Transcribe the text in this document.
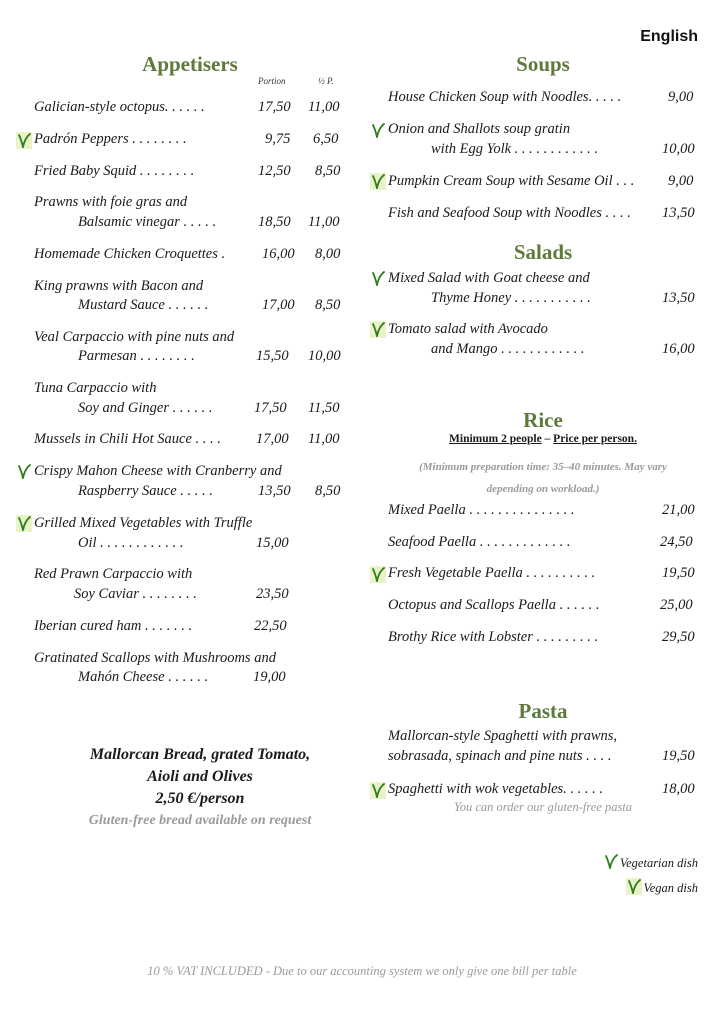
English
Appetisers
Portion	½ P.
Galician-style octopus. . . . . .	17,50 11,00
Padrón Peppers . . . . . . . .	9,75 6,50
Fried Baby Squid . . . . . . . .	12,50 8,50
Prawns with foie gras and
Balsamic vinegar . . . . .	18,50 11,00
Homemade Chicken Croquettes .	16,00 8,00
King prawns with Bacon and
Mustard Sauce . . . . . .	17,00 8,50
Veal Carpaccio with pine nuts and
Parmesan . . . . . . . .	15,50 10,00
Tuna Carpaccio with
Soy and Ginger . . . . . .	17,50 11,50
Mussels in Chili Hot Sauce . . . . 17,00 11,00
Crispy Mahon Cheese with Cranberry and
Raspberry Sauce . . . . .	13,50 8,50
Grilled Mixed Vegetables with Truffle
Oil . . . . . . . . . . . .	15,00
Red Prawn Carpaccio with
Soy Caviar . . . . . . . .	23,50
Iberian cured ham . . . . . . .	22,50
Gratinated Scallops with Mushrooms and
Mahón Cheese . . . . . .	19,00
Mallorcan Bread, grated Tomato,
Aioli and Olives
2,50 €/person
Gluten-free bread available on request
Soups
House Chicken Soup with Noodles. . . . .	9,00
Onion and Shallots soup gratin
with Egg Yolk . . . . . . . . . . . .	10,00
Pumpkin Cream Soup with Sesame Oil . . . 9,00
Fish and Seafood Soup with Noodles . . . . 13,50
Salads
Mixed Salad with Goat cheese and
Thyme Honey . . . . . . . . . . .	13,50
Tomato salad with Avocado
and Mango . . . . . . . . . . . .	16,00
Rice
Minimum 2 people – Price per person.
(Minimum preparation time: 35–40 minutes. May vary
depending on workload.)
Mixed Paella . . . . . . . . . . . . . . .	21,00
Seafood Paella . . . . . . . . . . . . .	24,50
Fresh Vegetable Paella . . . . . . . . . .	19,50
Octopus and Scallops Paella . . . . . .	25,00
Brothy Rice with Lobster . . . . . . . . .	29,50
Pasta
Mallorcan-style Spaghetti with prawns,
sobrasada, spinach and pine nuts . . . .	19,50
Spaghetti with wok vegetables. . . . . .	18,00
You can order our gluten-free pasta
Vegetarian dish
Vegan dish
10 % VAT INCLUDED - Due to our accounting system we only give one bill per table
